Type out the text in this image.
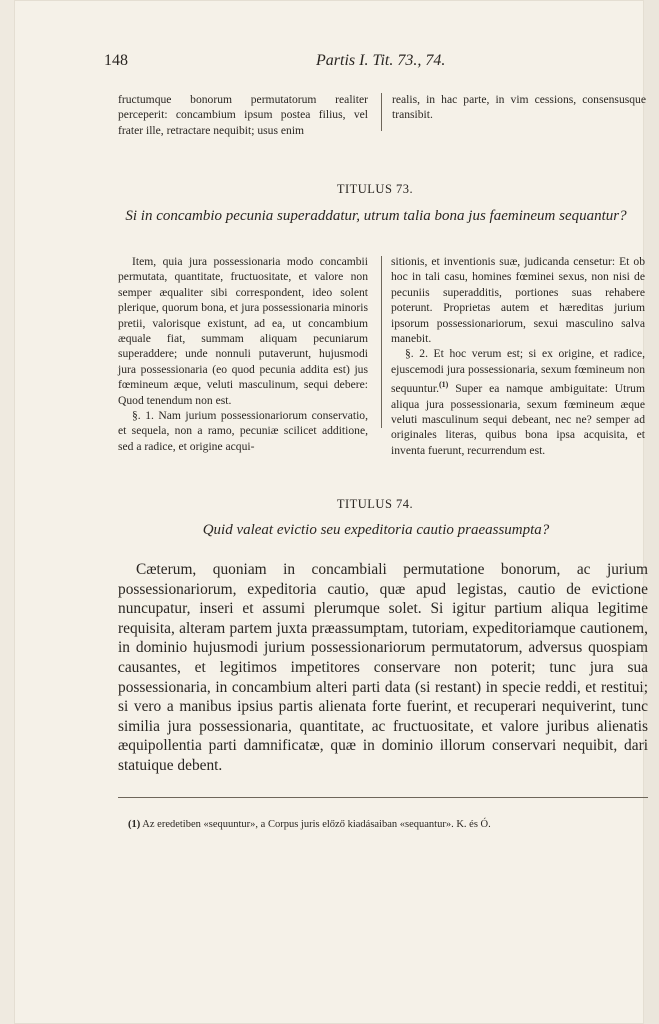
148	Partis I. Tit. 73., 74.

fructumque bonorum permutatorum realiter perceperit: concambium ipsum postea filius, vel frater ille, retractare nequibit; usus enim

realis, in hac parte, in vim cessions, consensusque transibit.

TITULUS 73.
Si in concambio pecunia superaddatur, utrum talia bona jus faemineum sequantur?

Item, quia jura possessionaria modo concambii permutata, quantitate, fructuositate, et valore non semper æqualiter sibi correspondent, ideo solent plerique, quorum bona, et jura possessionaria minoris pretii, valorisque existunt, ad ea, ut concambium æquale fiat, summam aliquam pecuniarum superaddere; unde nonnuli putaverunt, hujusmodi jura possessionaria (eo quod pecunia addita est) jus fœmineum æque, veluti masculinum, sequi debere: Quod tenendum non est.

§. 1. Nam jurium possessionariorum conservatio, et sequela, non a ramo, pecuniæ scilicet additione, sed a radice, et origine acqui-

sitionis, et inventionis suæ, judicanda censetur: Et ob hoc in tali casu, homines fœminei sexus, non nisi de pecuniis superadditis, portiones suas rehabere poterunt. Proprietas autem et hæreditas jurium ipsorum possessionariorum, sexui masculino salva manebit.

§. 2. Et hoc verum est; si ex origine, et radice, ejuscemodi jura possessionaria, sexum fœmineum non sequuntur.$^{(1)}$ Super ea namque ambiguitate: Utrum aliqua jura possessionaria, sexum fœmineum æque veluti masculinum sequi debeant, nec ne? semper ad originales literas, quibus bona ipsa acquisita, et inventa fuerunt, recurrendum est.

TITULUS 74.
Quid valeat evictio seu expeditoria cautio praeassumpta?

Cæterum, quoniam in concambiali permutatione bonorum, ac jurium possessionariorum, expeditoria cautio, quæ apud legistas, cautio de evictione nuncupatur, inseri et assumi plerumque solet. Si igitur partium aliqua legitime requisita, alteram partem juxta præassumptam, tutoriam, expeditoriamque cautionem, in dominio hujusmodi jurium possessionariorum permutatorum, adversus quospiam causantes, et legitimos impetitores conservare non poterit; tunc jura sua possessionaria, in concambium alteri parti data (si restant) in specie reddi, et restitui; si vero a manibus ipsius partis alienata forte fuerint, et recuperari nequiverint, tunc similia jura possessionaria, quantitate, ac fructuositate, et valore juribus alienatis æquipollentia parti damnificatæ, quæ in dominio illorum conservari nequibit, dari statuique debent.

(1) Az eredetiben «sequuntur», a Corpus juris előző kiadásaiban «sequantur». K. és Ó.
